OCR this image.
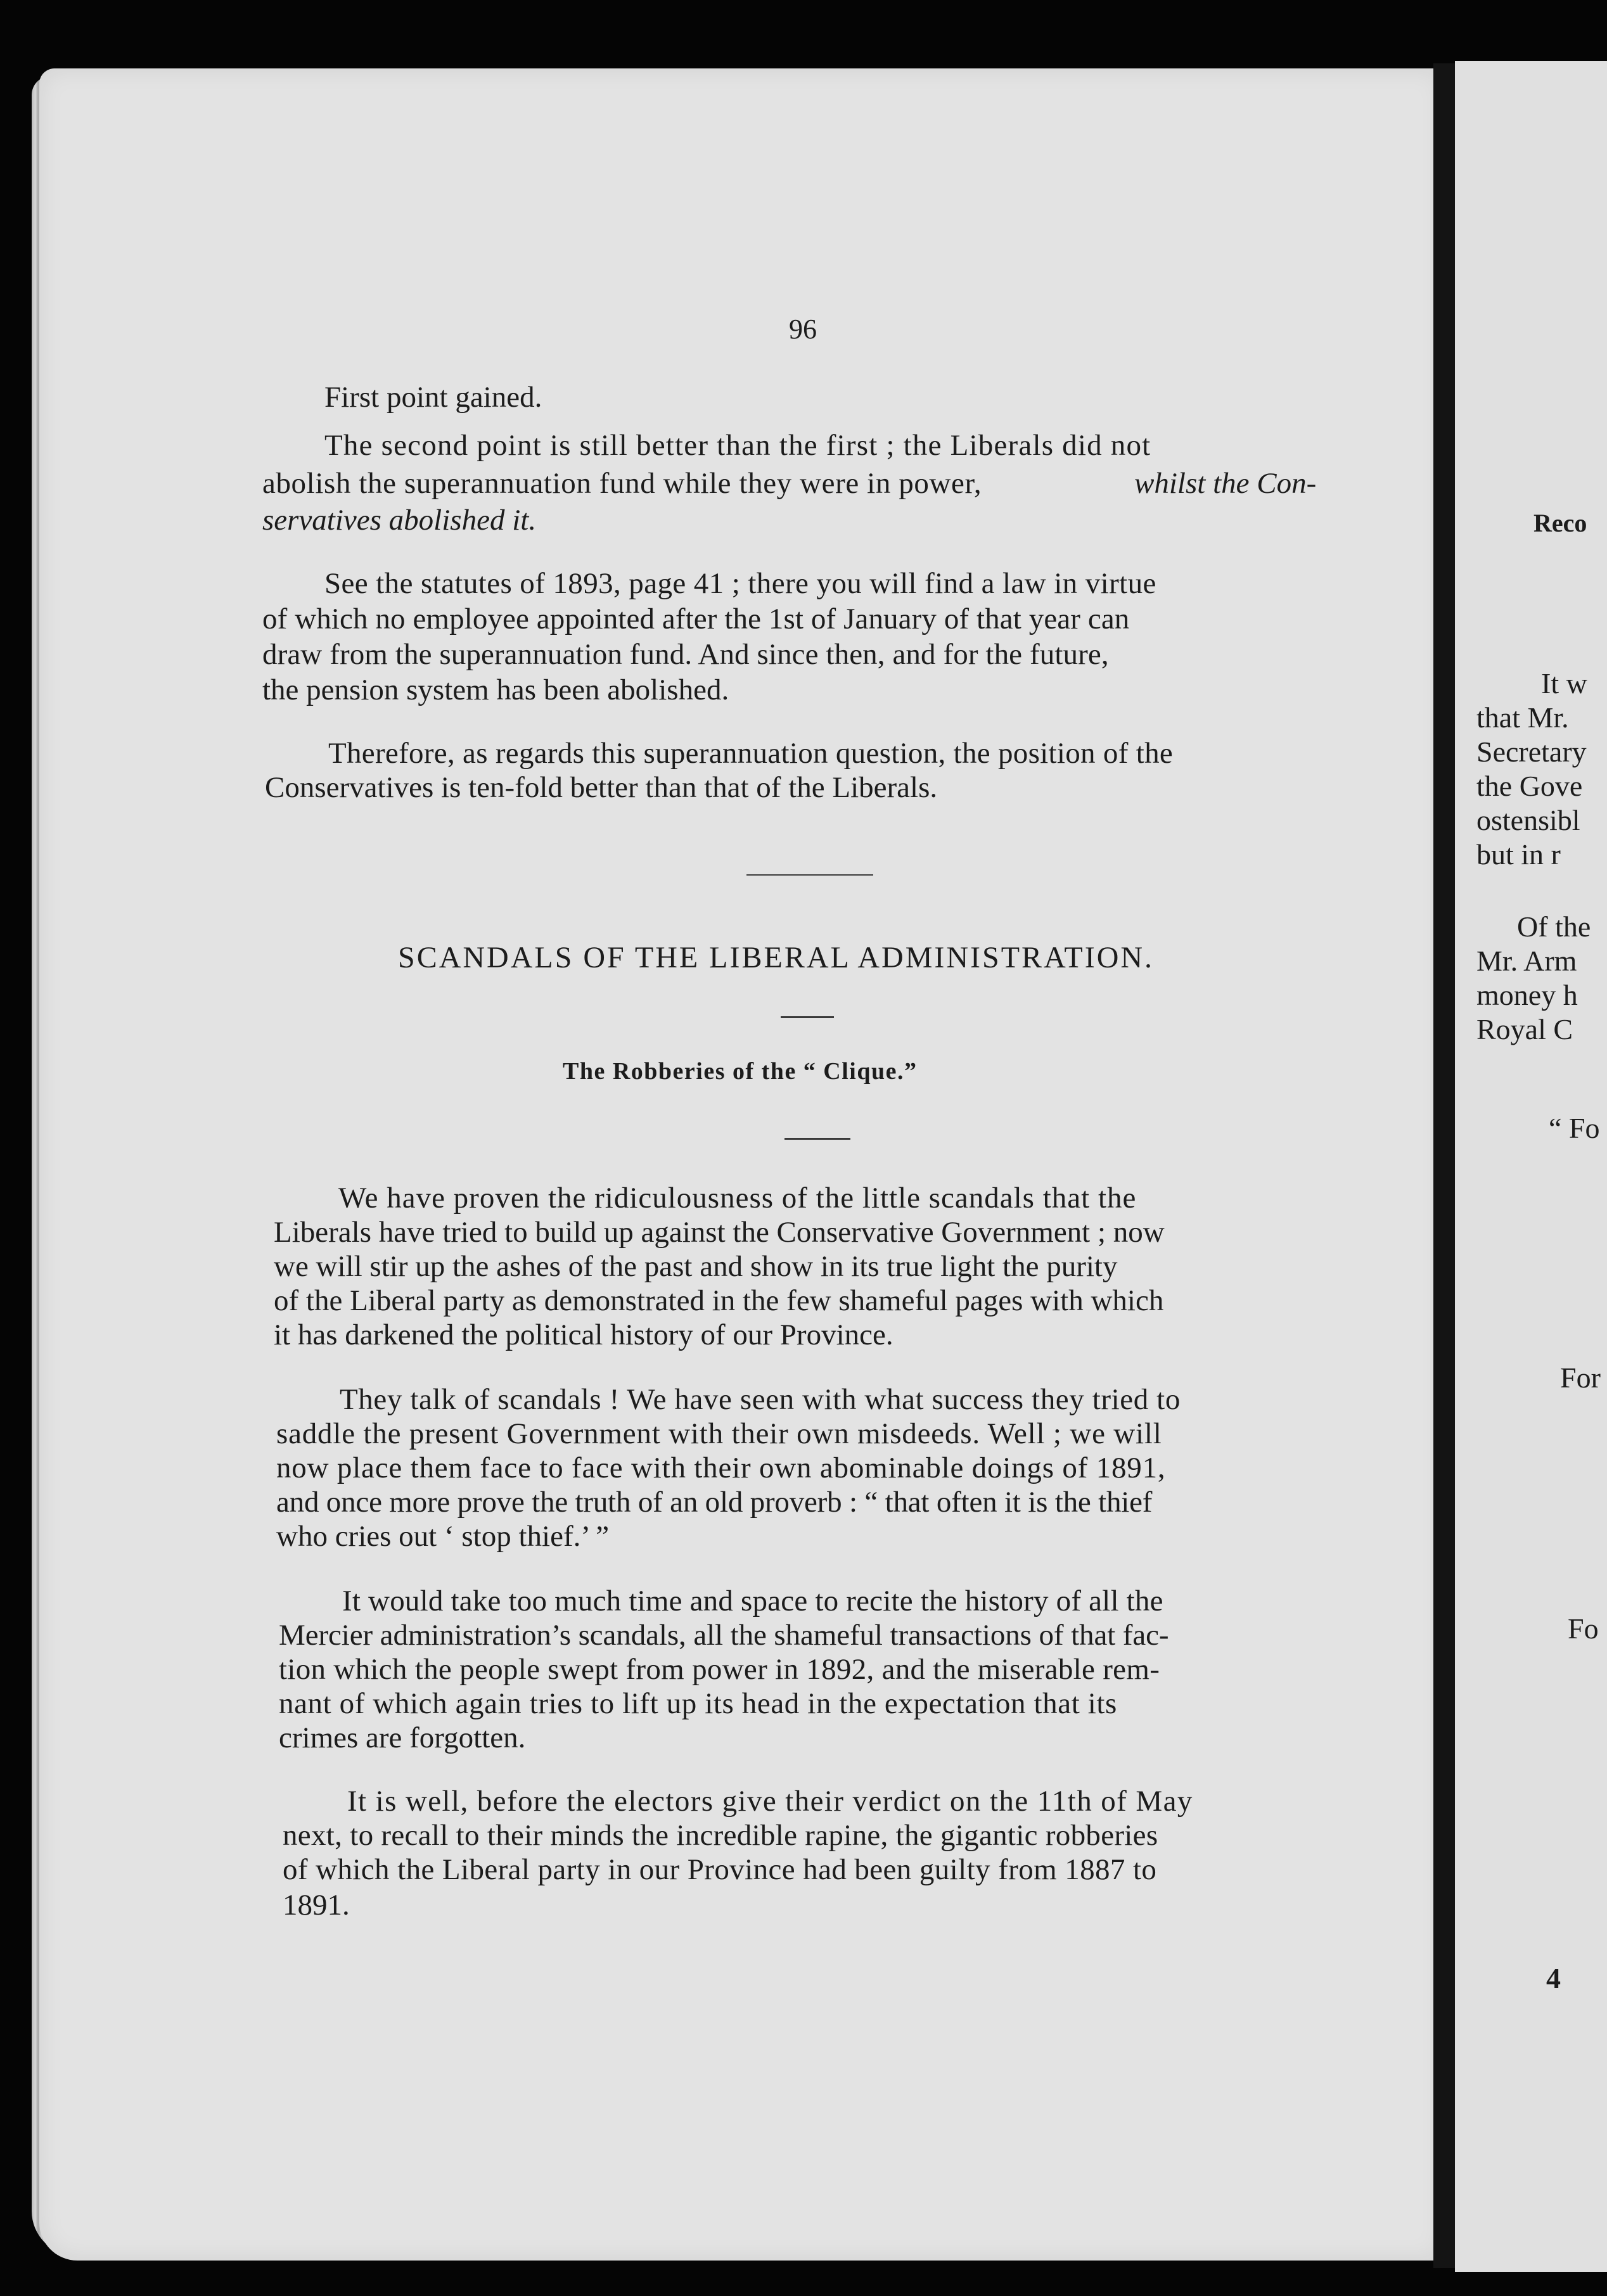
96

First point gained.

The second point is still better than the first ; the Liberals did not

abolish the superannuation fund while they were in power,	whilst the Con-

servatives abolished it.

See the statutes of 1893, page 41 ; there you will find a law in virtue

of which no employee appointed after the 1st of January of that year can

draw from the superannuation fund. And since then, and for the future,

the pension system has been abolished.

Therefore, as regards this superannuation question, the position of the

Conservatives is ten-fold better than that of the Liberals.

SCANDALS OF THE LIBERAL ADMINISTRATION.

The Robberies of the “ Clique.”

We have proven the ridiculousness of the little scandals that the

Liberals have tried to build up against the Conservative Government ; now

we will stir up the ashes of the past and show in its true light the purity

of the Liberal party as demonstrated in the few shameful pages with which

it has darkened the political history of our Province.

They talk of scandals ! We have seen with what success they tried to

saddle the present Government with their own misdeeds. Well ; we will

now place them face to face with their own abominable doings of 1891,

and once more prove the truth of an old proverb : “ that often it is the thief

who cries out ‘ stop thief.’ ”

It would take too much time and space to recite the history of all the

Mercier administration’s scandals, all the shameful transactions of that fac-

tion which the people swept from power in 1892, and the miserable rem-

nant of which again tries to lift up its head in the expectation that its

crimes are forgotten.

It is well, before the electors give their verdict on the 11th of May

next, to recall to their minds the incredible rapine, the gigantic robberies

of which the Liberal party in our Province had been guilty from 1887 to

1891.

Reco

It w

that Mr.

Secretary

the Gove

ostensibl

but in r

Of the

Mr. Arm

money h

Royal C

“ Fo

For

Fo

4
